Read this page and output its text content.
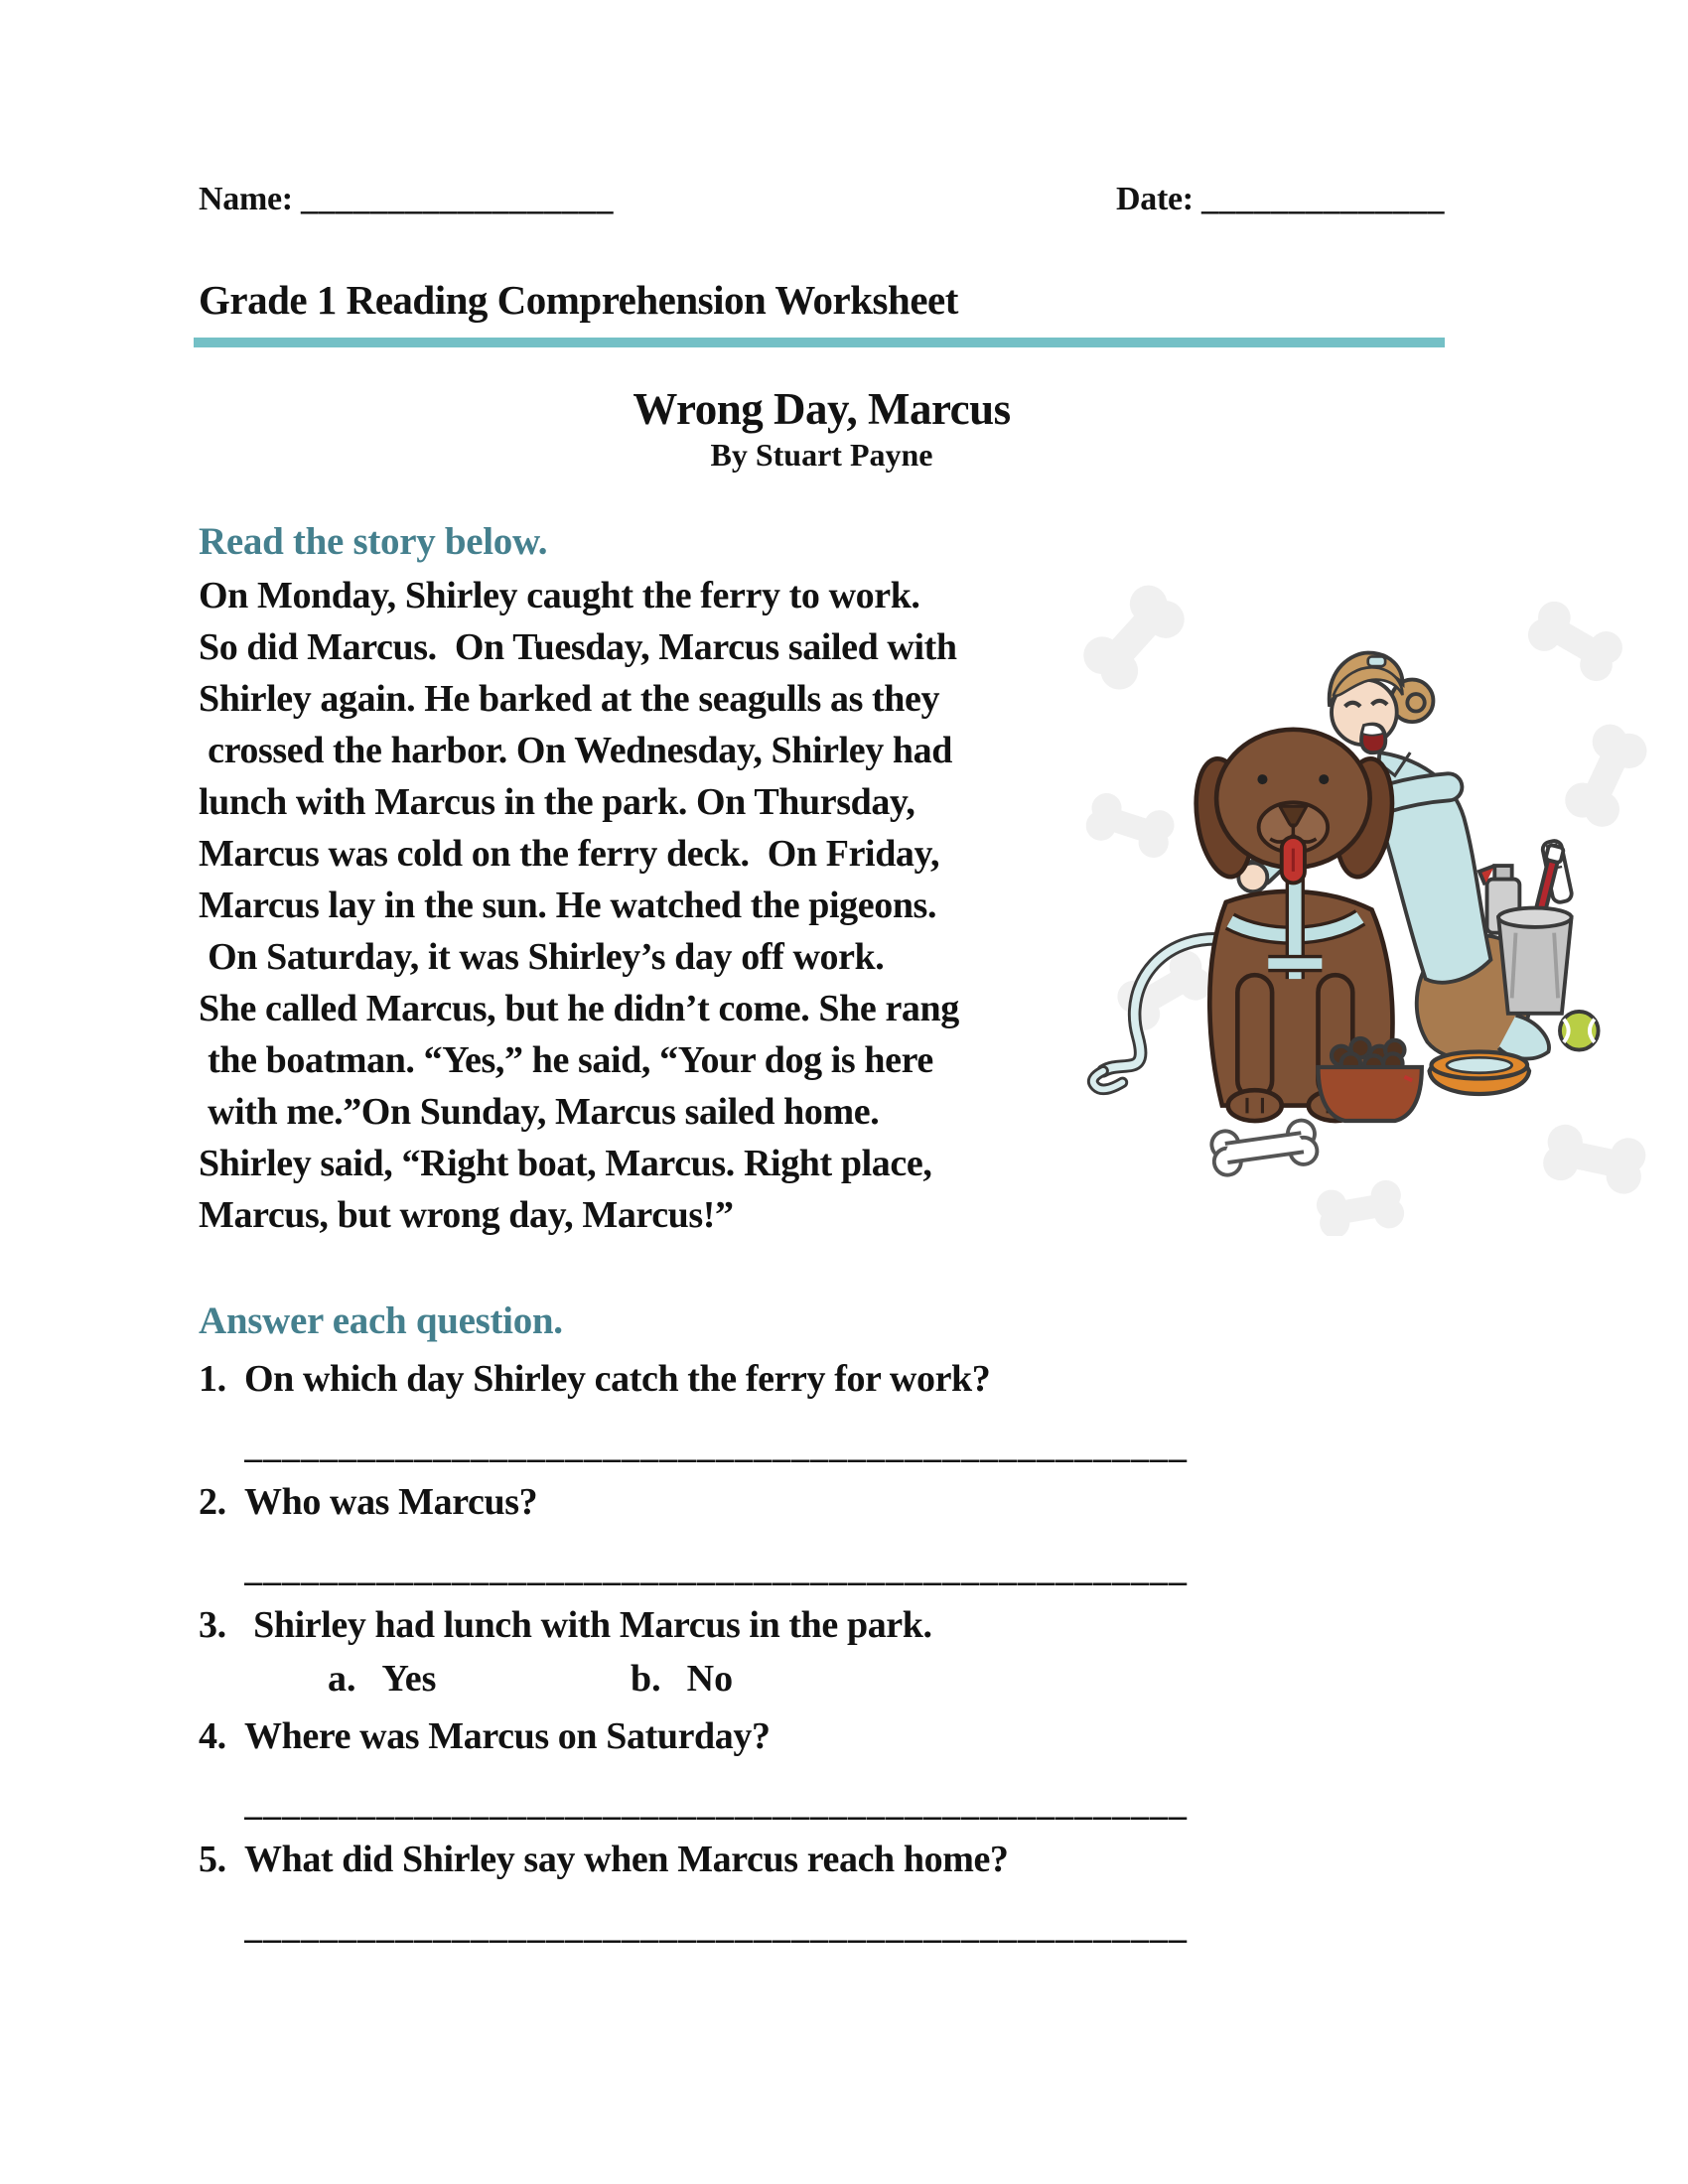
Name: __________________	Date: ______________
Grade 1 Reading Comprehension Worksheet
Wrong Day, Marcus
By Stuart Payne
Read the story below.
On Monday, Shirley caught the ferry to work.
So did Marcus.  On Tuesday, Marcus sailed with
Shirley again. He barked at the seagulls as they
crossed the harbor. On Wednesday, Shirley had
lunch with Marcus in the park. On Thursday,
Marcus was cold on the ferry deck.  On Friday,
Marcus lay in the sun. He watched the pigeons.
On Saturday, it was Shirley’s day off work.
She called Marcus, but he didn’t come. She rang
the boatman. “Yes,” he said, “Your dog is here
with me.”On Sunday, Marcus sailed home.
Shirley said, “Right boat, Marcus. Right place,
Marcus, but wrong day, Marcus!”
Answer each question.
1. On which day Shirley catch the ferry for work?
__________________________________________________
2. Who was Marcus?
__________________________________________________
3. Shirley had lunch with Marcus in the park.
a. Yes	b. No
4. Where was Marcus on Saturday?
__________________________________________________
5. What did Shirley say when Marcus reach home?
__________________________________________________
